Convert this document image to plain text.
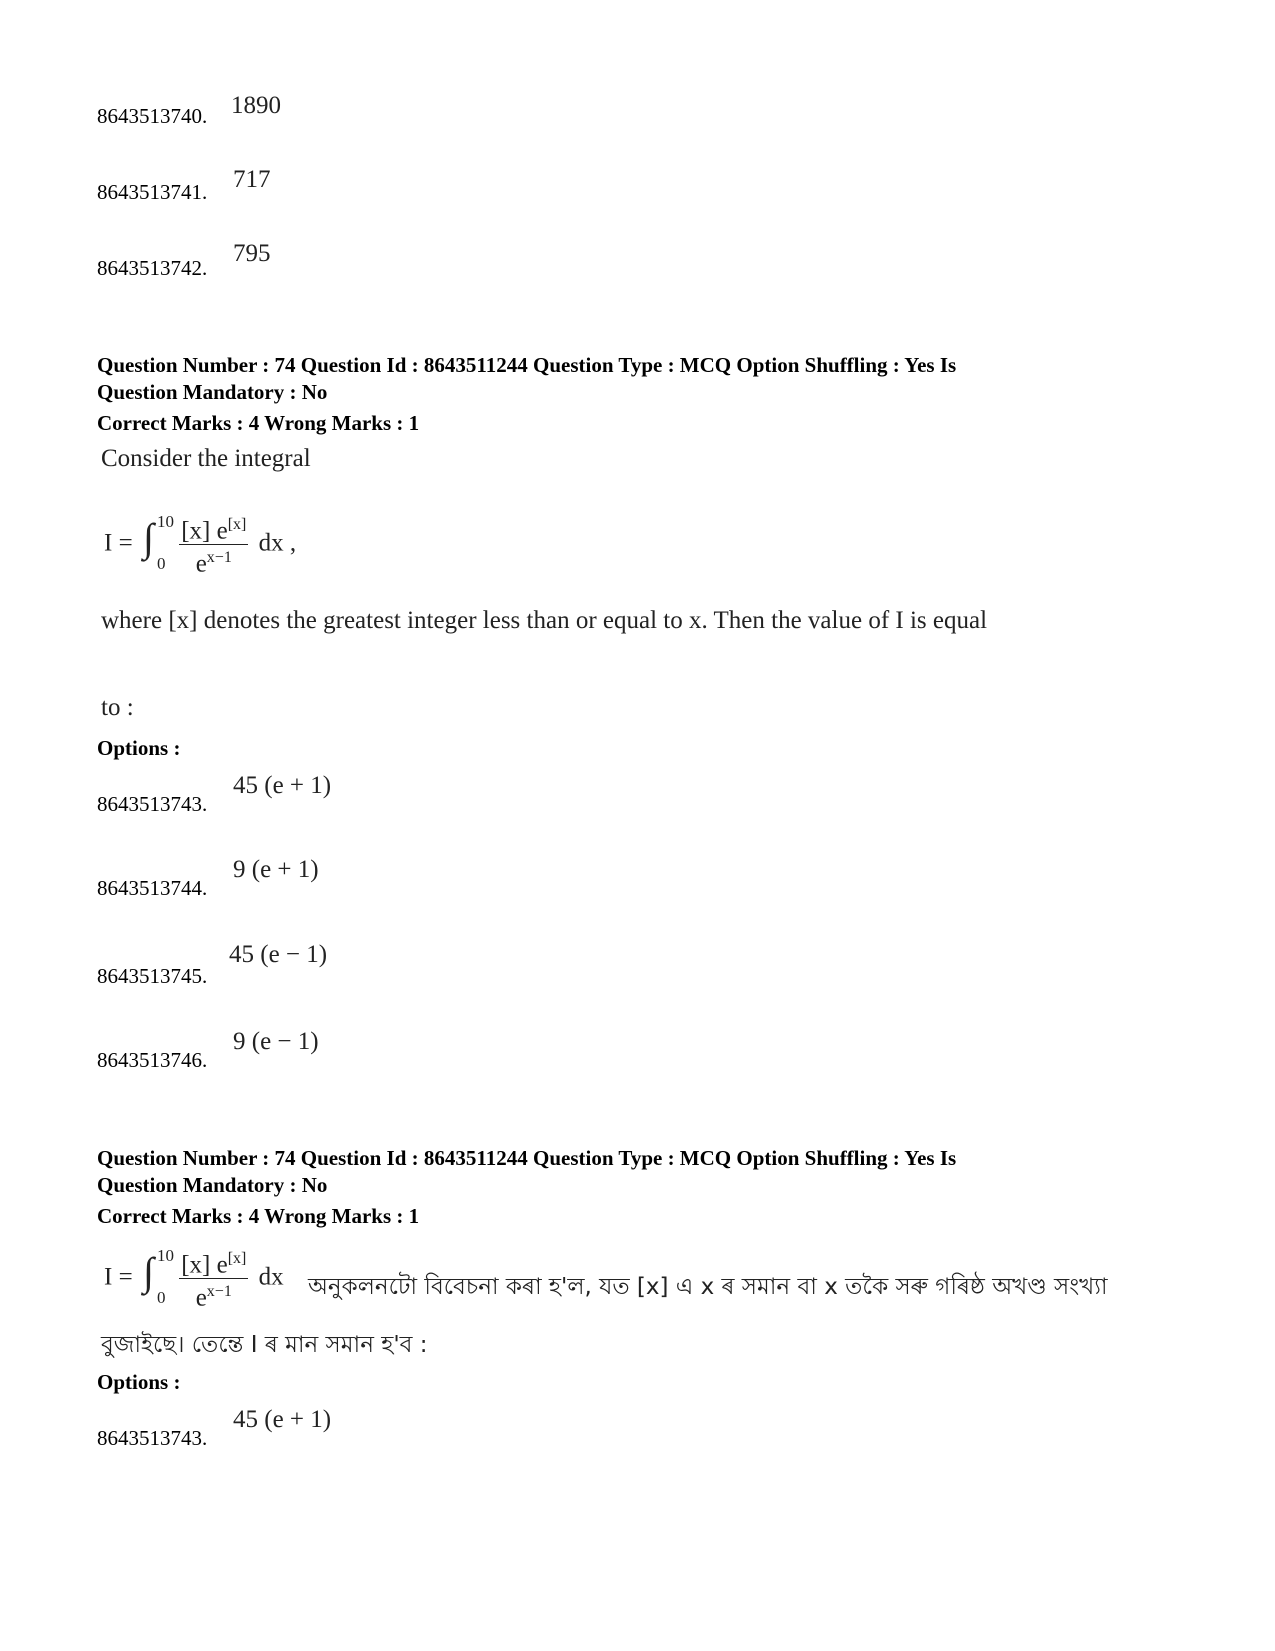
8643513740. 1890
8643513741. 717
8643513742.
795
Question Number : 74 Question Id : 8643511244 Question Type : MCQ Option Shuffling : Yes Is
Question Mandatory : No
Correct Marks : 4 Wrong Marks : 1
Consider the integral
I = ∫ 10
0
$\frac{[x] e^{[x]}}{e^{x-1}}$ dx ,
where [x] denotes the greatest integer less than or equal to x. Then the value of I is equal
to :
Options :
8643513743.
45 (e + 1)
8643513744.
9 (e + 1)
8643513745.
45 (e − 1)
8643513746.
9 (e − 1)
Question Number : 74 Question Id : 8643511244 Question Type : MCQ Option Shuffling : Yes Is
Question Mandatory : No
Correct Marks : 4 Wrong Marks : 1
I = ∫ 10
0
$\frac{[x] e^{[x]}}{e^{x-1}}$ dx অনুকলনটো বিবেচনা কৰা হ'ল, যত [x] এ x ৰ সমান বা x তকৈ সৰু গৰিষ্ঠ অখণ্ড সংখ্যা
বুজাইছে। তেন্তে I ৰ মান সমান হ'ব :
Options :
8643513743.
45 (e + 1)
